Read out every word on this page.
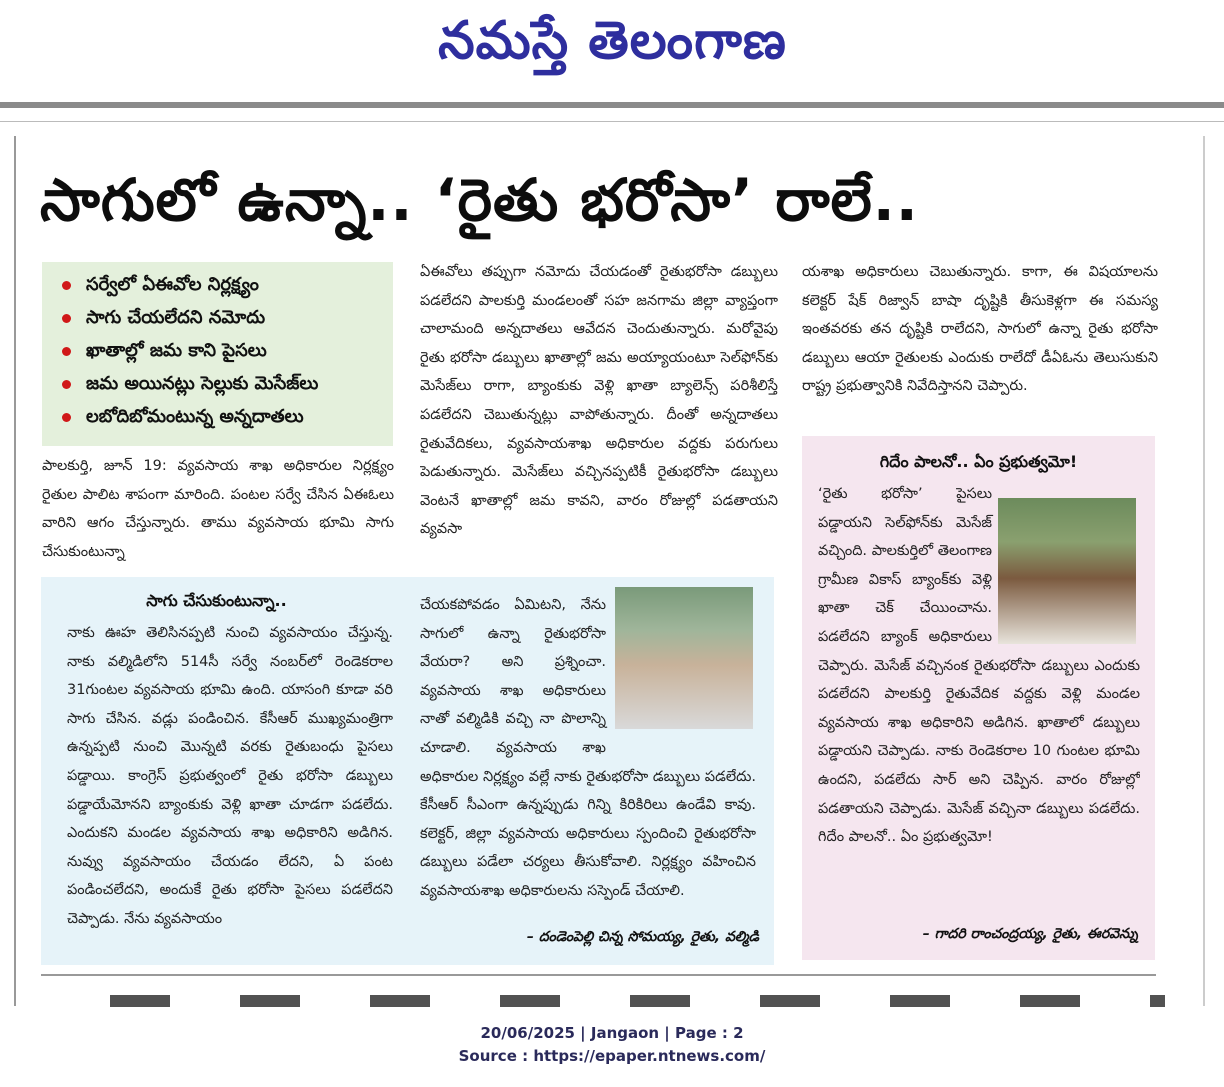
నమస్తే తెలంగాణ
సాగులో ఉన్నా.. ‘రైతు భరోసా’ రాలే..
సర్వేలో ఏఈవోల నిర్లక్ష్యం
సాగు చేయలేదని నమోదు
ఖాతాల్లో జమ కాని పైసలు
జమ అయినట్లు సెల్లుకు మెసేజ్‌లు
లబోదిబోమంటున్న అన్నదాతలు

పాలకుర్తి, జూన్ 19: వ్యవసాయ శాఖ అధికారుల నిర్లక్ష్యం రైతుల పాలిట శాపంగా మారింది. పంటల సర్వే చేసిన ఏఈఓలు వారిని ఆగం చేస్తున్నారు. తాము వ్యవసాయ భూమి సాగు చేసుకుంటున్నా

ఏఈవోలు తప్పుగా నమోదు చేయడంతో రైతుభరోసా డబ్బులు పడలేదని పాలకుర్తి మండలంతో సహ జనగామ జిల్లా వ్యాప్తంగా చాలామంది అన్నదాతలు ఆవేదన చెందుతున్నారు. మరోవైపు రైతు భరోసా డబ్బులు ఖాతాల్లో జమ అయ్యాయంటూ సెల్‌ఫోన్‌కు మెసేజ్‌లు రాగా, బ్యాంకుకు వెళ్లి ఖాతా బ్యాలెన్స్ పరిశీలిస్తే పడలేదని చెబుతున్నట్లు వాపోతున్నారు. దీంతో అన్నదాతలు రైతువేదికలు, వ్యవసాయశాఖ అధికారుల వద్దకు పరుగులు పెడుతున్నారు. మెసేజ్‌లు వచ్చినప్పటికీ రైతుభరోసా డబ్బులు వెంటనే ఖాతాల్లో జమ కావని, వారం రోజుల్లో పడతాయని వ్యవసా

యశాఖ అధికారులు చెబుతున్నారు. కాగా, ఈ విషయాలను కలెక్టర్ షేక్ రిజ్వాన్ బాషా దృష్టికి తీసుకెళ్లగా ఈ సమస్య ఇంతవరకు తన దృష్టికి రాలేదని, సాగులో ఉన్నా రైతు భరోసా డబ్బులు ఆయా రైతులకు ఎందుకు రాలేదో డీఏఓను తెలుసుకుని రాష్ట్ర ప్రభుత్వానికి నివేదిస్తానని చెప్పారు.

సాగు చేసుకుంటున్నా..

నాకు ఊహ తెలిసినప్పటి నుంచి వ్యవసాయం చేస్తున్న. నాకు వల్మిడిలోని 514సీ సర్వే నంబర్‌లో రెండెకరాల 31గుంటల వ్యవసాయ భూమి ఉంది. యాసంగి కూడా వరి సాగు చేసిన. వడ్లు పండించిన. కేసీఆర్ ముఖ్యమంత్రిగా ఉన్నప్పటి నుంచి మొన్నటి వరకు రైతుబంధు పైసలు పడ్డాయి. కాంగ్రెస్ ప్రభుత్వంలో రైతు భరోసా డబ్బులు పడ్డాయేమోనని బ్యాంకుకు వెళ్లి ఖాతా చూడగా పడలేదు. ఎందుకని మండల వ్యవసాయ శాఖ అధికారిని అడిగిన. నువ్వు వ్యవసాయం చేయడం లేదని, ఏ పంట పండించలేదని, అందుకే రైతు భరోసా పైసలు పడలేదని చెప్పాడు. నేను వ్యవసాయం

చేయకపోవడం ఏమిటని, నేను సాగులో ఉన్నా రైతుభరోసా వేయరా? అని ప్రశ్నించా. వ్యవసాయ శాఖ అధికారులు నాతో వల్మిడికి వచ్చి నా పొలాన్ని చూడాలి. వ్యవసాయ శాఖ అధికారుల నిర్లక్ష్యం వల్లే నాకు రైతుభరోసా డబ్బులు పడలేదు. కేసీఆర్ సీఎంగా ఉన్నప్పుడు గిన్ని కిరికిరిలు ఉండేవి కావు. కలెక్టర్, జిల్లా వ్యవసాయ అధికారులు స్పందించి రైతుభరోసా డబ్బులు పడేలా చర్యలు తీసుకోవాలి. నిర్లక్ష్యం వహించిన వ్యవసాయశాఖ అధికారులను సస్పెండ్ చేయాలి.

– దండెంపెల్లి చిన్న సోమయ్య, రైతు, వల్మిడి
గిదేం పాలనో.. ఏం ప్రభుత్వమో!

‘రైతు భరోసా’ పైసలు పడ్డాయని సెల్‌ఫోన్‌కు మెసేజ్ వచ్చింది. పాలకుర్తిలో తెలంగాణ గ్రామీణ వికాస్ బ్యాంక్‌కు వెళ్లి ఖాతా చెక్ చేయించాను. పడలేదని బ్యాంక్ అధికారులు చెప్పారు. మెసేజ్ వచ్చినంక రైతుభరోసా డబ్బులు ఎందుకు పడలేదని పాలకుర్తి రైతువేదిక వద్దకు వెళ్లి మండల వ్యవసాయ శాఖ అధికారిని అడిగిన. ఖాతాలో డబ్బులు పడ్డాయని చెప్పాడు. నాకు రెండెకరాల 10 గుంటల భూమి ఉందని, పడలేదు సార్ అని చెప్పిన. వారం రోజుల్లో పడతాయని చెప్పాడు. మెసేజ్ వచ్చినా డబ్బులు పడలేదు. గిదేం పాలనో.. ఏం ప్రభుత్వమో!

– గాదరి రాంచంద్రయ్య, రైతు, ఈరవెన్ను
20/06/2025 | Jangaon | Page : 2
Source : https://epaper.ntnews.com/
